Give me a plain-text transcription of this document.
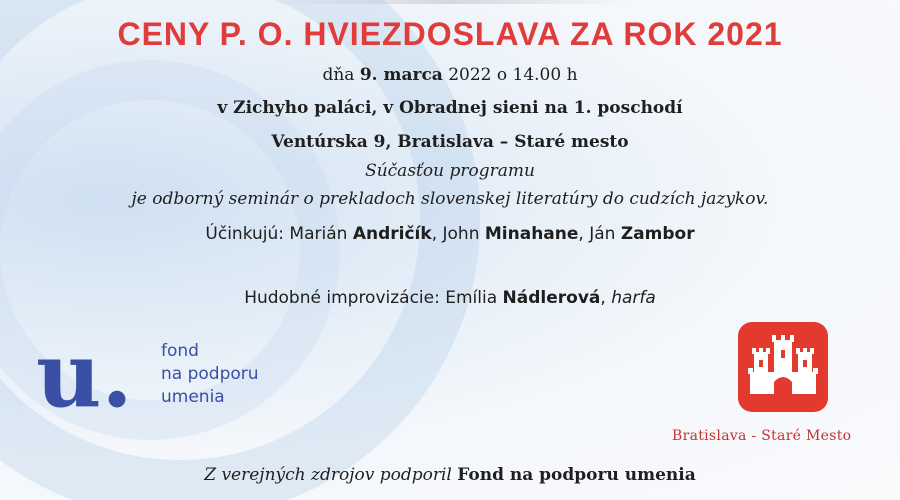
CENY P. O. HVIEZDOSLAVA ZA ROK 2021

dňa 9. marca 2022 o 14.00 h

v Zichyho paláci, v Obradnej sieni na 1. poschodí

Ventúrska 9, Bratislava – Staré mesto

Súčasťou programu

je odborný seminár o prekladoch slovenskej literatúry do cudzích jazykov.

Účinkujú: Marián Andričík, John Minahane, Ján Zambor

Hudobné improvizácie: Emília Nádlerová, harfa

u. fond
na podporu
umenia
Bratislava - Staré Mesto

Z verejných zdrojov podporil Fond na podporu umenia
